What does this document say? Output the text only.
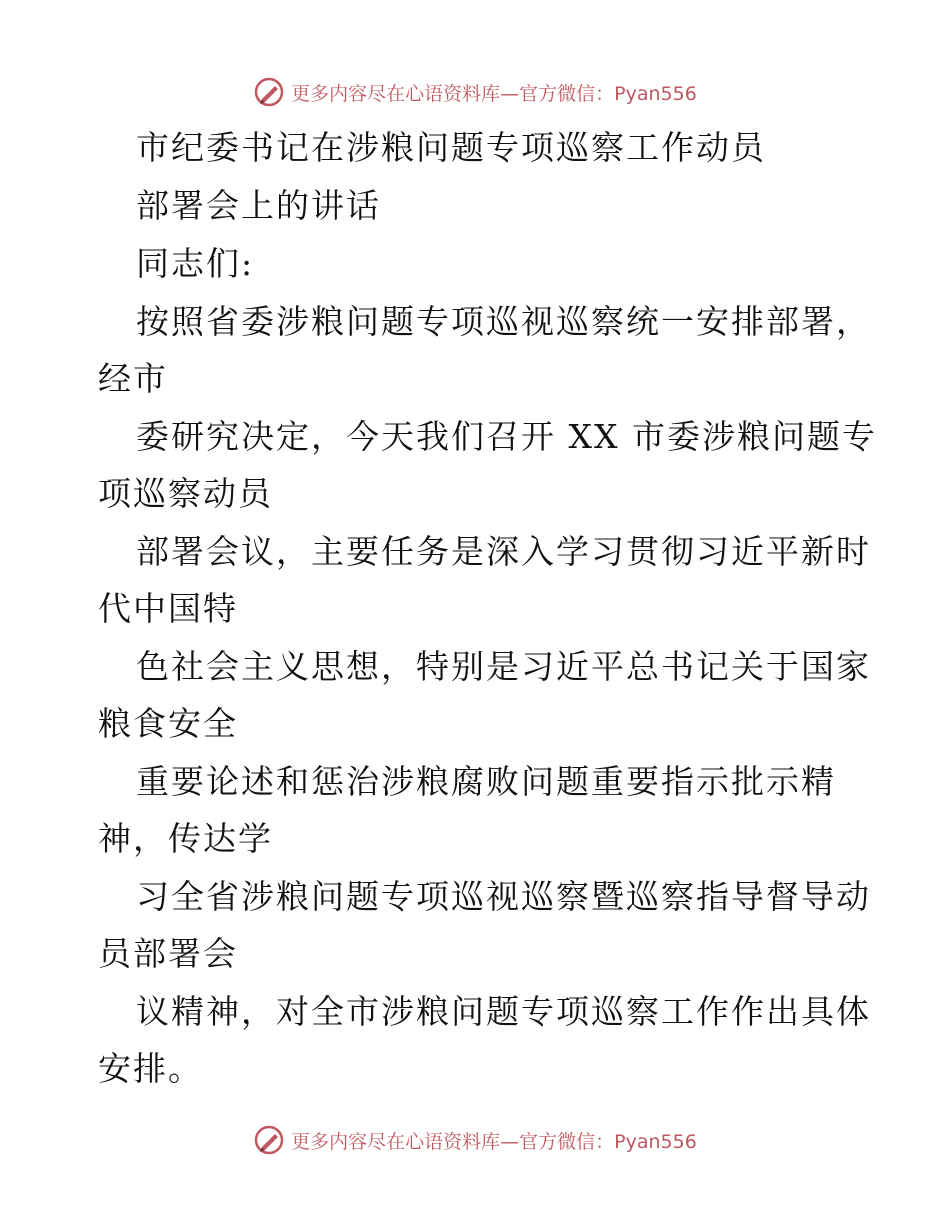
更多内容尽在心语资料库—官方微信：Pyan556
市纪委书记在涉粮问题专项巡察工作动员
部署会上的讲话
同志们:
按照省委涉粮问题专项巡视巡察统一安排部署，
经市
委研究决定，今天我们召开 XX 市委涉粮问题专
项巡察动员
部署会议，主要任务是深入学习贯彻习近平新时
代中国特
色社会主义思想，特别是习近平总书记关于国家
粮食安全
重要论述和惩治涉粮腐败问题重要指示批示精
神，传达学
习全省涉粮问题专项巡视巡察暨巡察指导督导动
员部署会
议精神，对全市涉粮问题专项巡察工作作出具体
安排。
更多内容尽在心语资料库—官方微信：Pyan556
